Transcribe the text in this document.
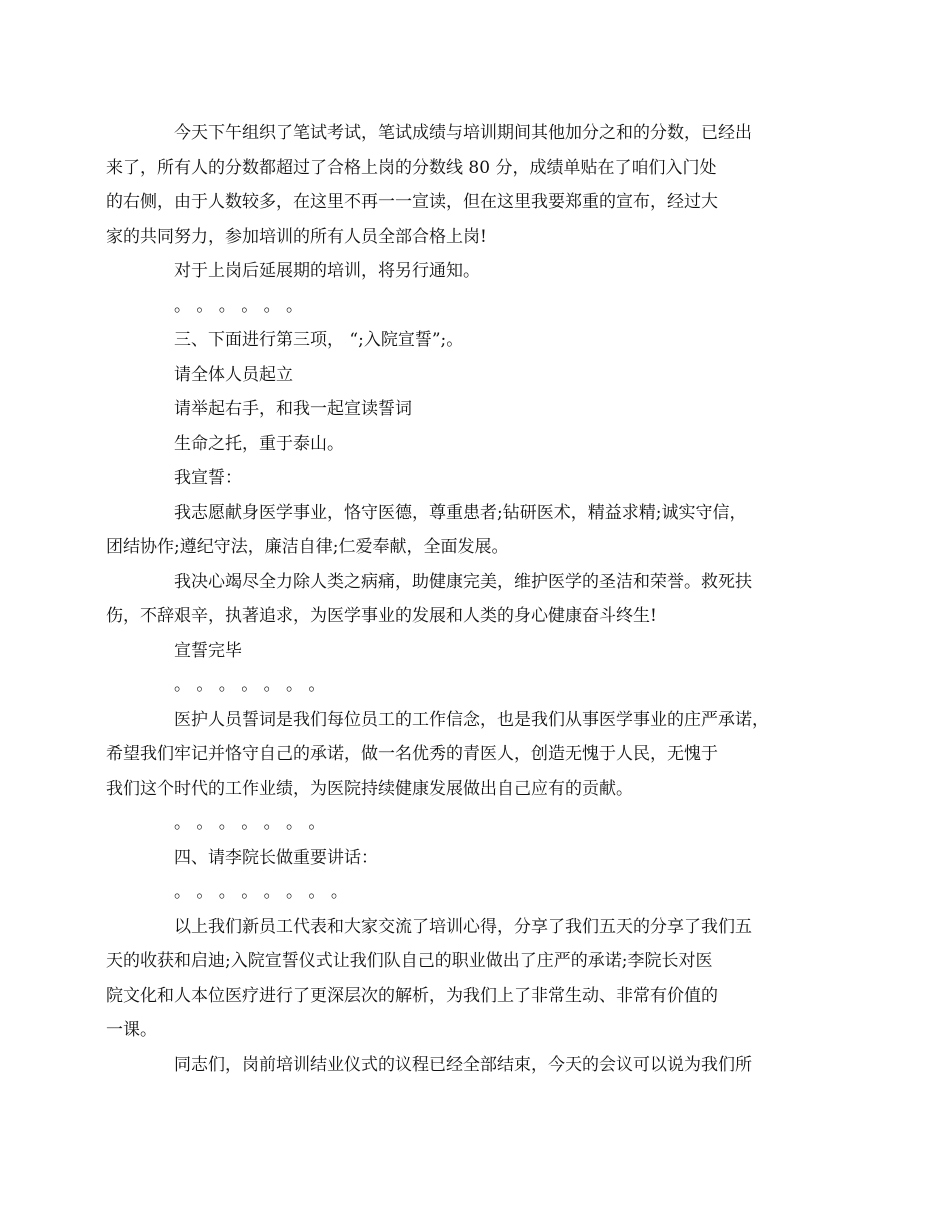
今天下午组织了笔试考试，笔试成绩与培训期间其他加分之和的分数，已经出
来了，所有人的分数都超过了合格上岗的分数线 80 分，成绩单贴在了咱们入门处
的右侧，由于人数较多，在这里不再一一宣读，但在这里我要郑重的宣布，经过大
家的共同努力，参加培训的所有人员全部合格上岗!

对于上岗后延展期的培训，将另行通知。

。 。 。 。 。 。

三、下面进行第三项， “;入院宣誓”;。

请全体人员起立

请举起右手，和我一起宣读誓词

生命之托，重于泰山。

我宣誓：

我志愿献身医学事业，恪守医德，尊重患者;钻研医术，精益求精;诚实守信，
团结协作;遵纪守法，廉洁自律;仁爱奉献，全面发展。

我决心竭尽全力除人类之病痛，助健康完美，维护医学的圣洁和荣誉。救死扶
伤，不辞艰辛，执著追求，为医学事业的发展和人类的身心健康奋斗终生!

宣誓完毕

。 。 。 。 。 。 。

医护人员誓词是我们每位员工的工作信念，也是我们从事医学事业的庄严承诺，
希望我们牢记并恪守自己的承诺，做一名优秀的青医人，创造无愧于人民，无愧于
我们这个时代的工作业绩，为医院持续健康发展做出自己应有的贡献。

。 。 。 。 。 。 。

四、请李院长做重要讲话：

。 。 。 。 。 。 。 。

以上我们新员工代表和大家交流了培训心得，分享了我们五天的分享了我们五
天的收获和启迪;入院宣誓仪式让我们队自己的职业做出了庄严的承诺;李院长对医
院文化和人本位医疗进行了更深层次的解析，为我们上了非常生动、非常有价值的
一课。

同志们，岗前培训结业仪式的议程已经全部结束，今天的会议可以说为我们所
